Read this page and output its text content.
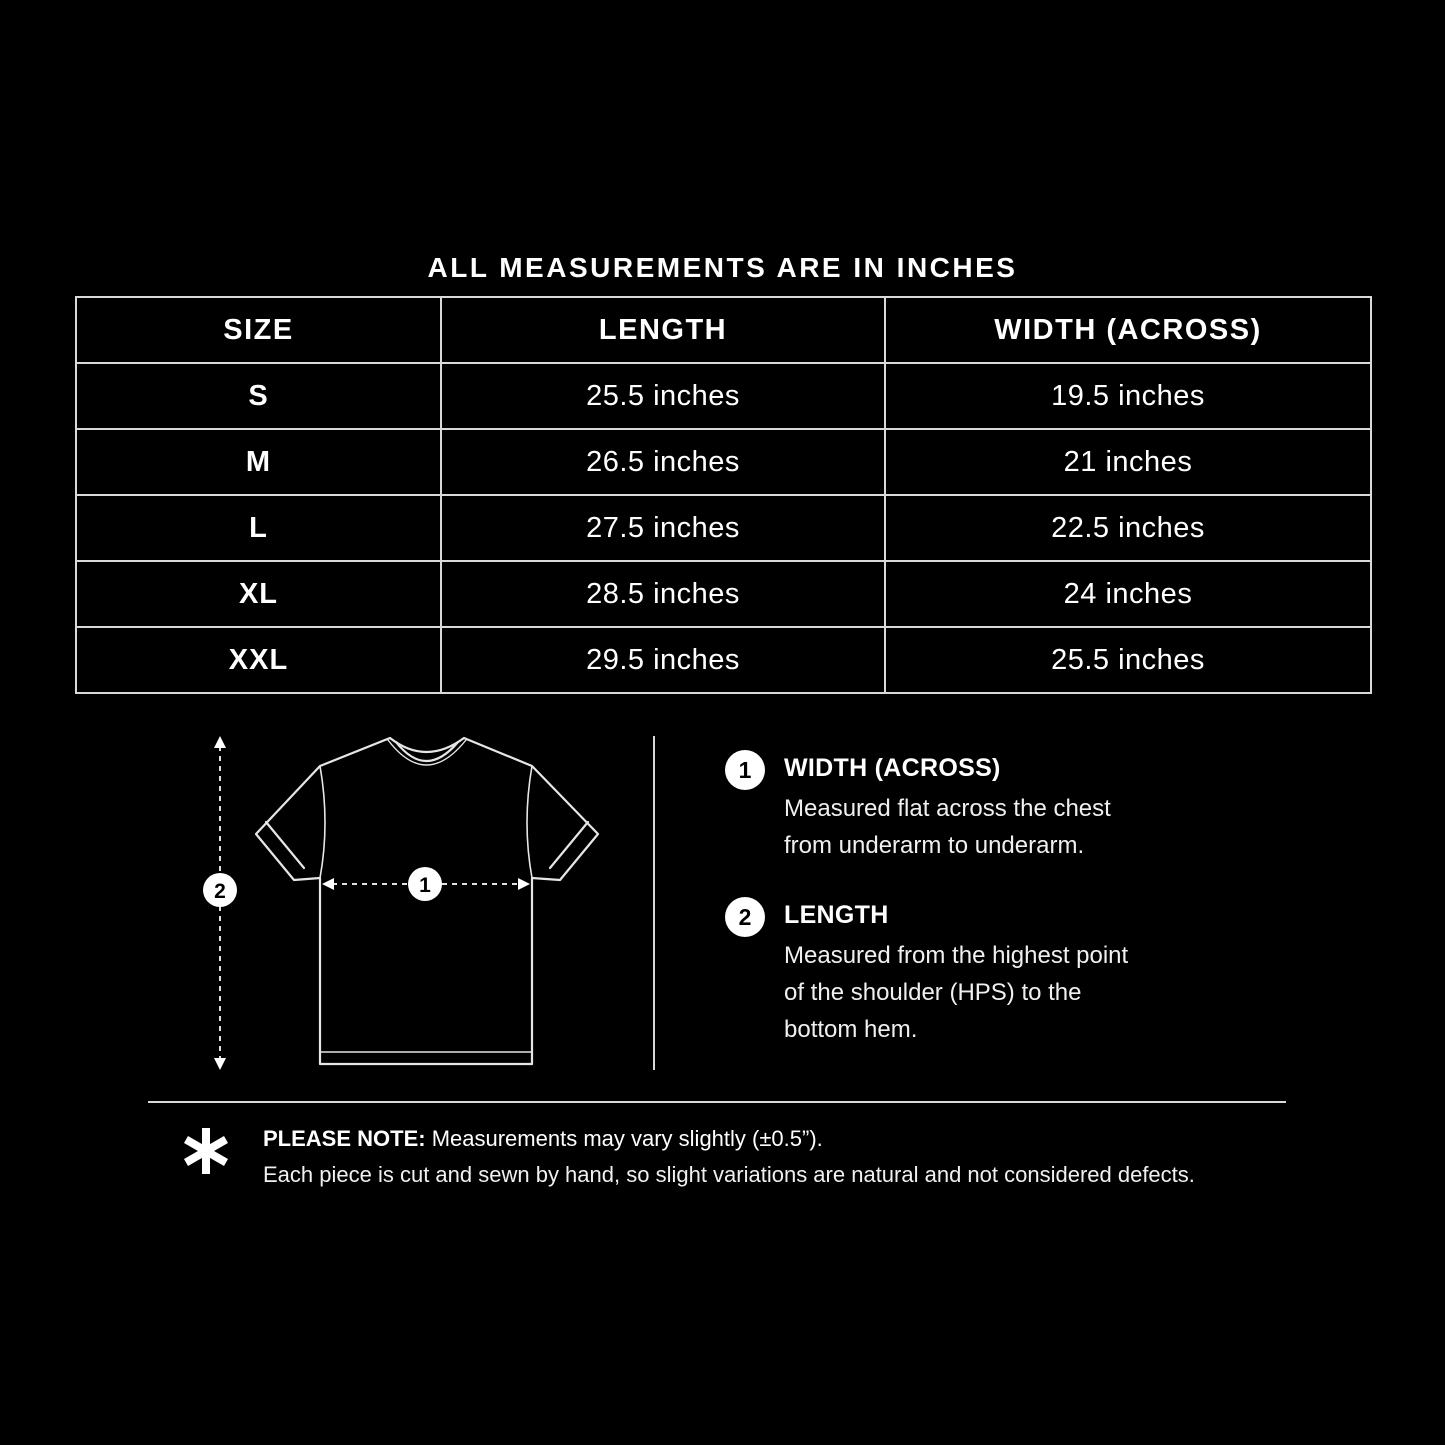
ALL MEASUREMENTS ARE IN INCHES
SIZE	LENGTH	WIDTH (ACROSS)
S	25.5 inches	19.5 inches
M	26.5 inches	21 inches
L	27.5 inches	22.5 inches
XL	28.5 inches	24 inches
XXL	29.5 inches	25.5 inches
2	1
1	WIDTH (ACROSS)
Measured flat across the chest
from underarm to underarm.
2	LENGTH
Measured from the highest point
of the shoulder (HPS) to the
bottom hem.
PLEASE NOTE: Measurements may vary slightly (±0.5”).
Each piece is cut and sewn by hand, so slight variations are natural and not considered defects.
